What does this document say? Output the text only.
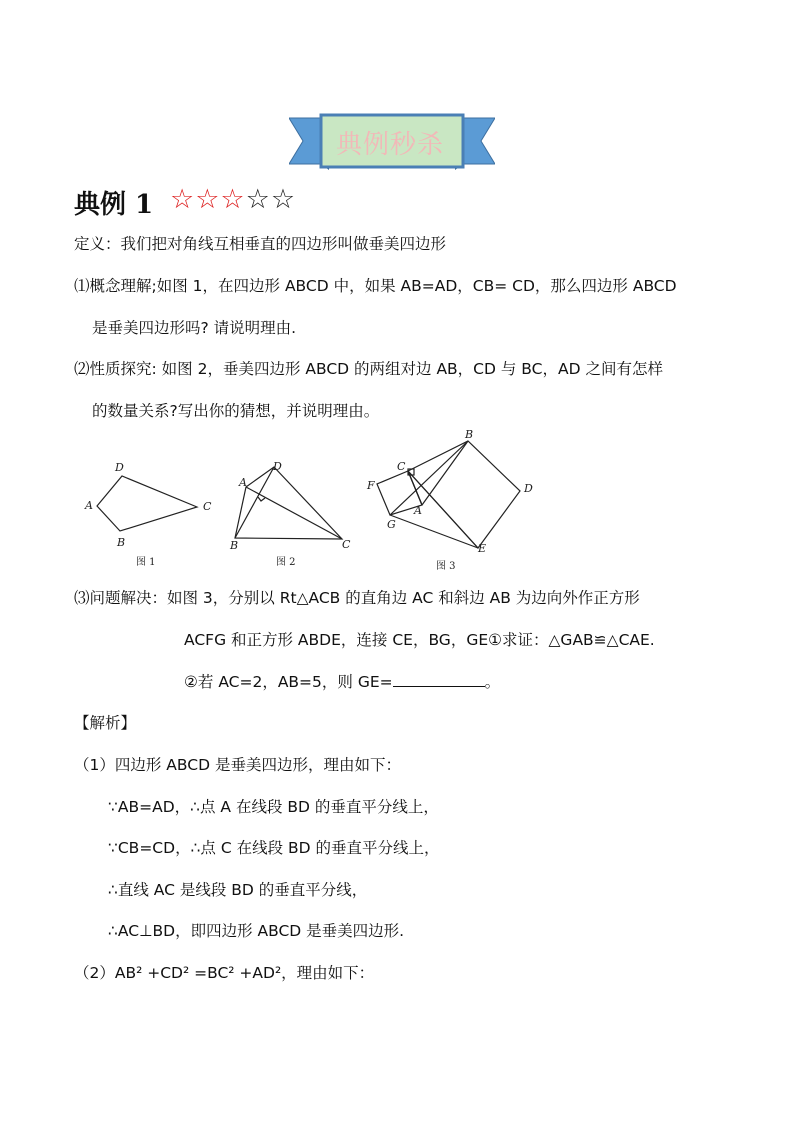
典例秒杀
典例 1 ☆☆☆☆☆
定义：我们把对角线互相垂直的四边形叫做垂美四边形
⑴概念理解;如图 1，在四边形 ABCD 中，如果 AB=AD，CB= CD，那么四边形 ABCD
是垂美四边形吗? 请说明理由.
⑵性质探究: 如图 2，垂美四边形 ABCD 的两组对边 AB，CD 与 BC，AD 之间有怎样
的数量关系?写出你的猜想，并说明理由。
D
A	C
B
图 1
D
A
B	C
图 2
B
C
F	D
A
G
E
图 3
⑶问题解决：如图 3，分别以 Rt△ACB 的直角边 AC 和斜边 AB 为边向外作正方形
ACFG 和正方形 ABDE，连接 CE，BG，GE①求证：△GAB≌△CAE.
②若 AC=2，AB=5，则 GE=	。
【解析】
（1）四边形 ABCD 是垂美四边形，理由如下：
∵AB=AD，∴点 A 在线段 BD 的垂直平分线上，
∵CB=CD，∴点 C 在线段 BD 的垂直平分线上，
∴直线 AC 是线段 BD 的垂直平分线，
∴AC⊥BD，即四边形 ABCD 是垂美四边形.
（2）AB² +CD² =BC² +AD²，理由如下：
